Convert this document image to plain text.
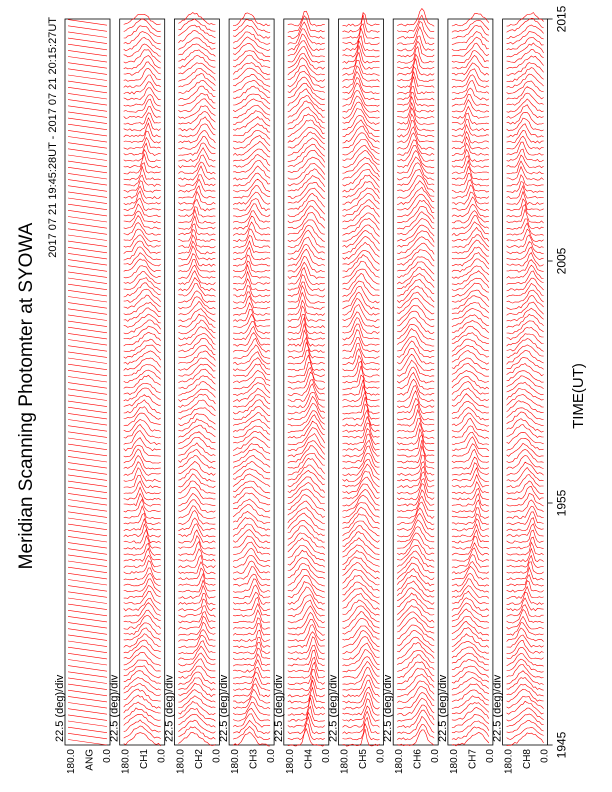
Meridian Scanning Photomter at SYOWA
2017 07 21 19:45:28UT - 2017 07 21 20:15:27UT
180.0	0.0
ANG
22.5 (deg)/div
180.0	0.0
CH1
22.5 (deg)/div
180.0	0.0
CH2
22.5 (deg)/div
180.0	0.0
CH3
22.5 (deg)/div
180.0	0.0
CH4
22.5 (deg)/div
180.0	0.0
CH5
22.5 (deg)/div
180.0	0.0
CH6
22.5 (deg)/div
180.0	0.0
CH7
22.5 (deg)/div
180.0	0.0
CH8
22.5 (deg)/div
1945
1955
2005
2015
TIME(UT)
